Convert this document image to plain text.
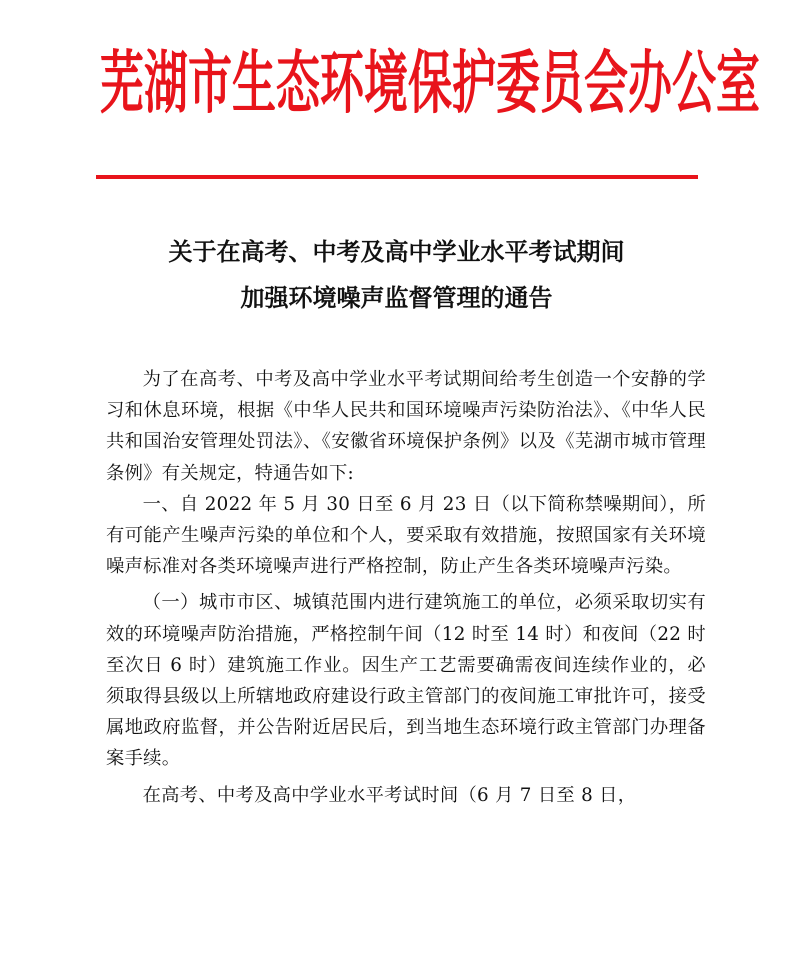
芜湖市生态环境保护委员会办公室
关于在高考、中考及高中学业水平考试期间
加强环境噪声监督管理的通告

为了在高考、中考及高中学业水平考试期间给考生创造一个安静的学习和休息环境，根据《中华人民共和国环境噪声污染防治法》、《中华人民共和国治安管理处罚法》、《安徽省环境保护条例》以及《芜湖市城市管理条例》有关规定，特通告如下:

一、自 2022 年 5 月 30 日至 6 月 23 日（以下简称禁噪期间），所有可能产生噪声污染的单位和个人，要采取有效措施，按照国家有关环境噪声标准对各类环境噪声进行严格控制，防止产生各类环境噪声污染。

（一）城市市区、城镇范围内进行建筑施工的单位，必须采取切实有效的环境噪声防治措施，严格控制午间（12 时至 14 时）和夜间（22 时至次日 6 时）建筑施工作业。因生产工艺需要确需夜间连续作业的，必须取得县级以上所辖地政府建设行政主管部门的夜间施工审批许可，接受属地政府监督，并公告附近居民后，到当地生态环境行政主管部门办理备案手续。

在高考、中考及高中学业水平考试时间（6 月 7 日至 8 日，
